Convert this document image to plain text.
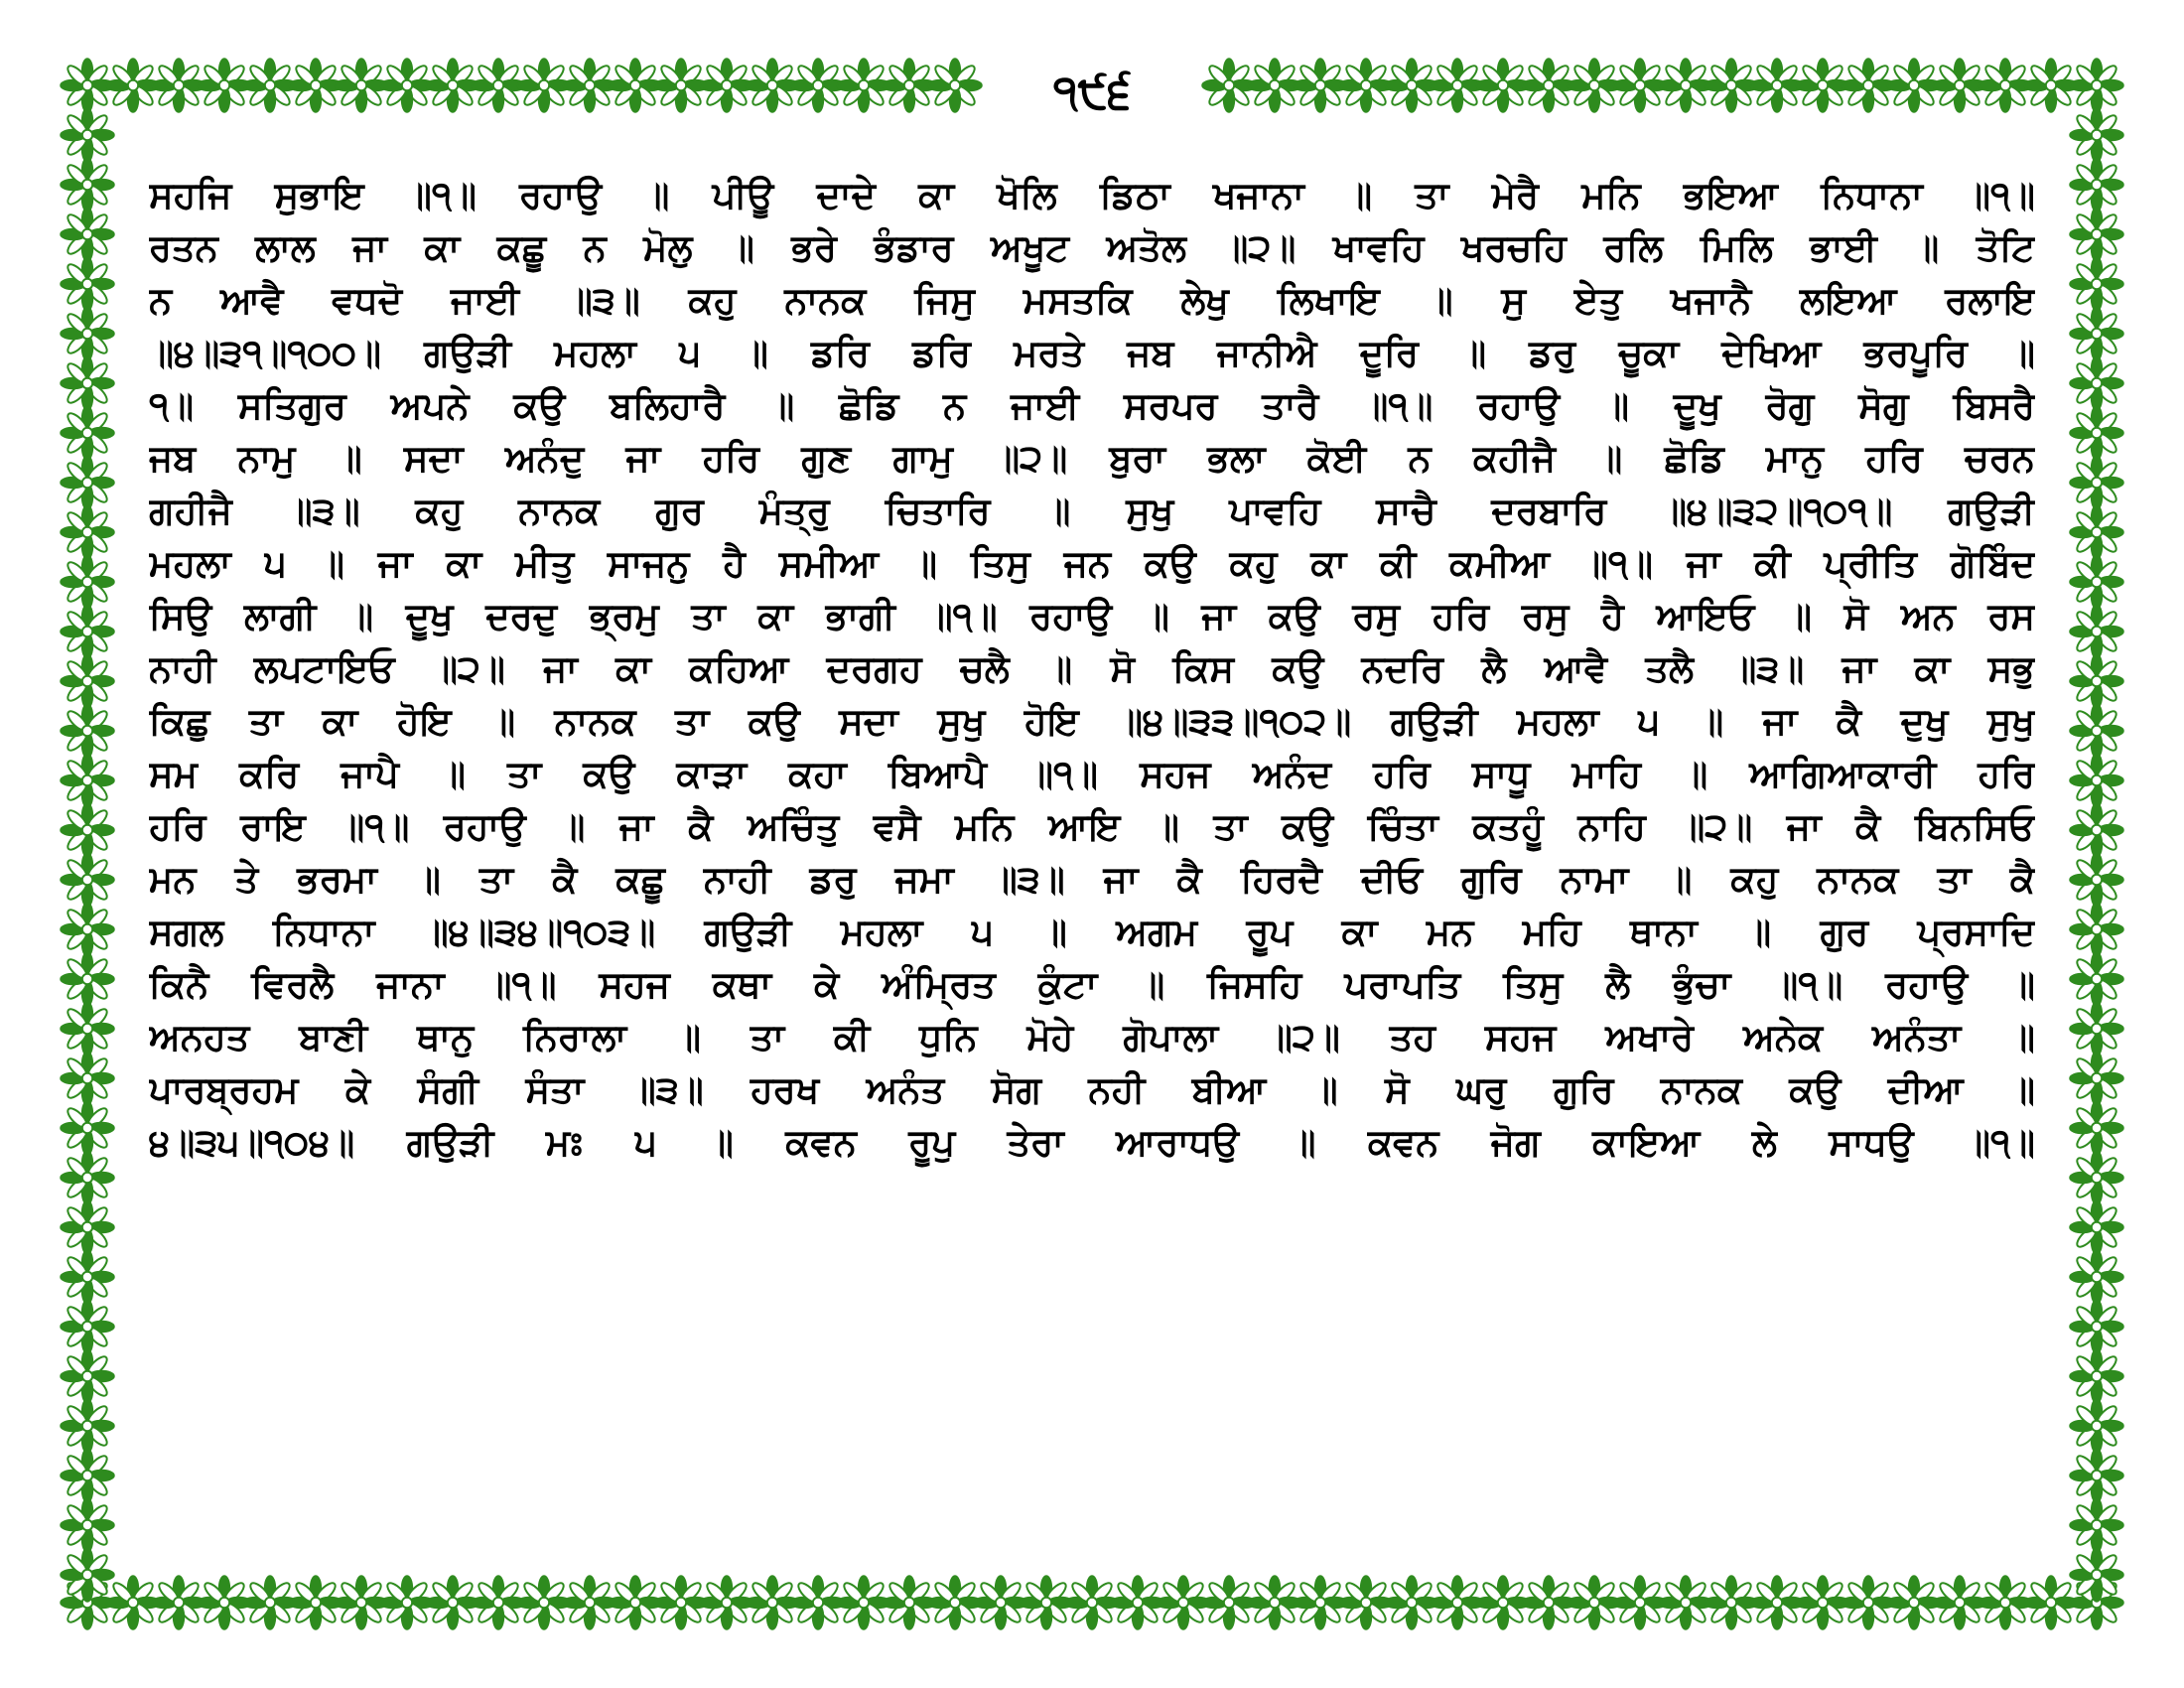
੧੯੬
ਸਹਜਿ ਸੁਭਾਇ ॥੧॥ ਰਹਾਉ ॥ ਪੀਊ ਦਾਦੇ ਕਾ ਖੋਲਿ ਡਿਠਾ ਖਜਾਨਾ ॥ ਤਾ ਮੇਰੈ ਮਨਿ ਭਇਆ ਨਿਧਾਨਾ ॥੧॥
ਰਤਨ ਲਾਲ ਜਾ ਕਾ ਕਛੂ ਨ ਮੋਲੁ ॥ ਭਰੇ ਭੰਡਾਰ ਅਖੂਟ ਅਤੋਲ ॥੨॥ ਖਾਵਹਿ ਖਰਚਹਿ ਰਲਿ ਮਿਲਿ ਭਾਈ ॥ ਤੋਟਿ
ਨ ਆਵੈ ਵਧਦੋ ਜਾਈ ॥੩॥ ਕਹੁ ਨਾਨਕ ਜਿਸੁ ਮਸਤਕਿ ਲੇਖੁ ਲਿਖਾਇ ॥ ਸੁ ਏਤੁ ਖਜਾਨੈ ਲਇਆ ਰਲਾਇ
॥੪॥੩੧॥੧੦੦॥ ਗਉੜੀ ਮਹਲਾ ੫ ॥ ਡਰਿ ਡਰਿ ਮਰਤੇ ਜਬ ਜਾਨੀਐ ਦੂਰਿ ॥ ਡਰੁ ਚੂਕਾ ਦੇਖਿਆ ਭਰਪੂਰਿ ॥
੧॥ ਸਤਿਗੁਰ ਅਪਨੇ ਕਉ ਬਲਿਹਾਰੈ ॥ ਛੋਡਿ ਨ ਜਾਈ ਸਰਪਰ ਤਾਰੈ ॥੧॥ ਰਹਾਉ ॥ ਦੂਖੁ ਰੋਗੁ ਸੋਗੁ ਬਿਸਰੈ
ਜਬ ਨਾਮੁ ॥ ਸਦਾ ਅਨੰਦੁ ਜਾ ਹਰਿ ਗੁਣ ਗਾਮੁ ॥੨॥ ਬੁਰਾ ਭਲਾ ਕੋਈ ਨ ਕਹੀਜੈ ॥ ਛੋਡਿ ਮਾਨੁ ਹਰਿ ਚਰਨ
ਗਹੀਜੈ ॥੩॥ ਕਹੁ ਨਾਨਕ ਗੁਰ ਮੰਤ੍ਰੁ ਚਿਤਾਰਿ ॥ ਸੁਖੁ ਪਾਵਹਿ ਸਾਚੈ ਦਰਬਾਰਿ ॥੪॥੩੨॥੧੦੧॥ ਗਉੜੀ
ਮਹਲਾ ੫ ॥ ਜਾ ਕਾ ਮੀਤੁ ਸਾਜਨੁ ਹੈ ਸਮੀਆ ॥ ਤਿਸੁ ਜਨ ਕਉ ਕਹੁ ਕਾ ਕੀ ਕਮੀਆ ॥੧॥ ਜਾ ਕੀ ਪ੍ਰੀਤਿ ਗੋਬਿੰਦ
ਸਿਉ ਲਾਗੀ ॥ ਦੂਖੁ ਦਰਦੁ ਭ੍ਰਮੁ ਤਾ ਕਾ ਭਾਗੀ ॥੧॥ ਰਹਾਉ ॥ ਜਾ ਕਉ ਰਸੁ ਹਰਿ ਰਸੁ ਹੈ ਆਇਓ ॥ ਸੋ ਅਨ ਰਸ
ਨਾਹੀ ਲਪਟਾਇਓ ॥੨॥ ਜਾ ਕਾ ਕਹਿਆ ਦਰਗਹ ਚਲੈ ॥ ਸੋ ਕਿਸ ਕਉ ਨਦਰਿ ਲੈ ਆਵੈ ਤਲੈ ॥੩॥ ਜਾ ਕਾ ਸਭੁ
ਕਿਛੁ ਤਾ ਕਾ ਹੋਇ ॥ ਨਾਨਕ ਤਾ ਕਉ ਸਦਾ ਸੁਖੁ ਹੋਇ ॥੪॥੩੩॥੧੦੨॥ ਗਉੜੀ ਮਹਲਾ ੫ ॥ ਜਾ ਕੈ ਦੁਖੁ ਸੁਖੁ
ਸਮ ਕਰਿ ਜਾਪੈ ॥ ਤਾ ਕਉ ਕਾੜਾ ਕਹਾ ਬਿਆਪੈ ॥੧॥ ਸਹਜ ਅਨੰਦ ਹਰਿ ਸਾਧੂ ਮਾਹਿ ॥ ਆਗਿਆਕਾਰੀ ਹਰਿ
ਹਰਿ ਰਾਇ ॥੧॥ ਰਹਾਉ ॥ ਜਾ ਕੈ ਅਚਿੰਤੁ ਵਸੈ ਮਨਿ ਆਇ ॥ ਤਾ ਕਉ ਚਿੰਤਾ ਕਤਹੂੰ ਨਾਹਿ ॥੨॥ ਜਾ ਕੈ ਬਿਨਸਿਓ
ਮਨ ਤੇ ਭਰਮਾ ॥ ਤਾ ਕੈ ਕਛੂ ਨਾਹੀ ਡਰੁ ਜਮਾ ॥੩॥ ਜਾ ਕੈ ਹਿਰਦੈ ਦੀਓ ਗੁਰਿ ਨਾਮਾ ॥ ਕਹੁ ਨਾਨਕ ਤਾ ਕੈ
ਸਗਲ ਨਿਧਾਨਾ ॥੪॥੩੪॥੧੦੩॥ ਗਉੜੀ ਮਹਲਾ ੫ ॥ ਅਗਮ ਰੂਪ ਕਾ ਮਨ ਮਹਿ ਥਾਨਾ ॥ ਗੁਰ ਪ੍ਰਸਾਦਿ
ਕਿਨੈ ਵਿਰਲੈ ਜਾਨਾ ॥੧॥ ਸਹਜ ਕਥਾ ਕੇ ਅੰਮ੍ਰਿਤ ਕੁੰਟਾ ॥ ਜਿਸਹਿ ਪਰਾਪਤਿ ਤਿਸੁ ਲੈ ਭੁੰਚਾ ॥੧॥ ਰਹਾਉ ॥
ਅਨਹਤ ਬਾਣੀ ਥਾਨੁ ਨਿਰਾਲਾ ॥ ਤਾ ਕੀ ਧੁਨਿ ਮੋਹੇ ਗੋਪਾਲਾ ॥੨॥ ਤਹ ਸਹਜ ਅਖਾਰੇ ਅਨੇਕ ਅਨੰਤਾ ॥
ਪਾਰਬ੍ਰਹਮ ਕੇ ਸੰਗੀ ਸੰਤਾ ॥੩॥ ਹਰਖ ਅਨੰਤ ਸੋਗ ਨਹੀ ਬੀਆ ॥ ਸੋ ਘਰੁ ਗੁਰਿ ਨਾਨਕ ਕਉ ਦੀਆ ॥
੪॥੩੫॥੧੦੪॥ ਗਉੜੀ ਮਃ ੫ ॥ ਕਵਨ ਰੂਪੁ ਤੇਰਾ ਆਰਾਧਉ ॥ ਕਵਨ ਜੋਗ ਕਾਇਆ ਲੇ ਸਾਧਉ ॥੧॥
